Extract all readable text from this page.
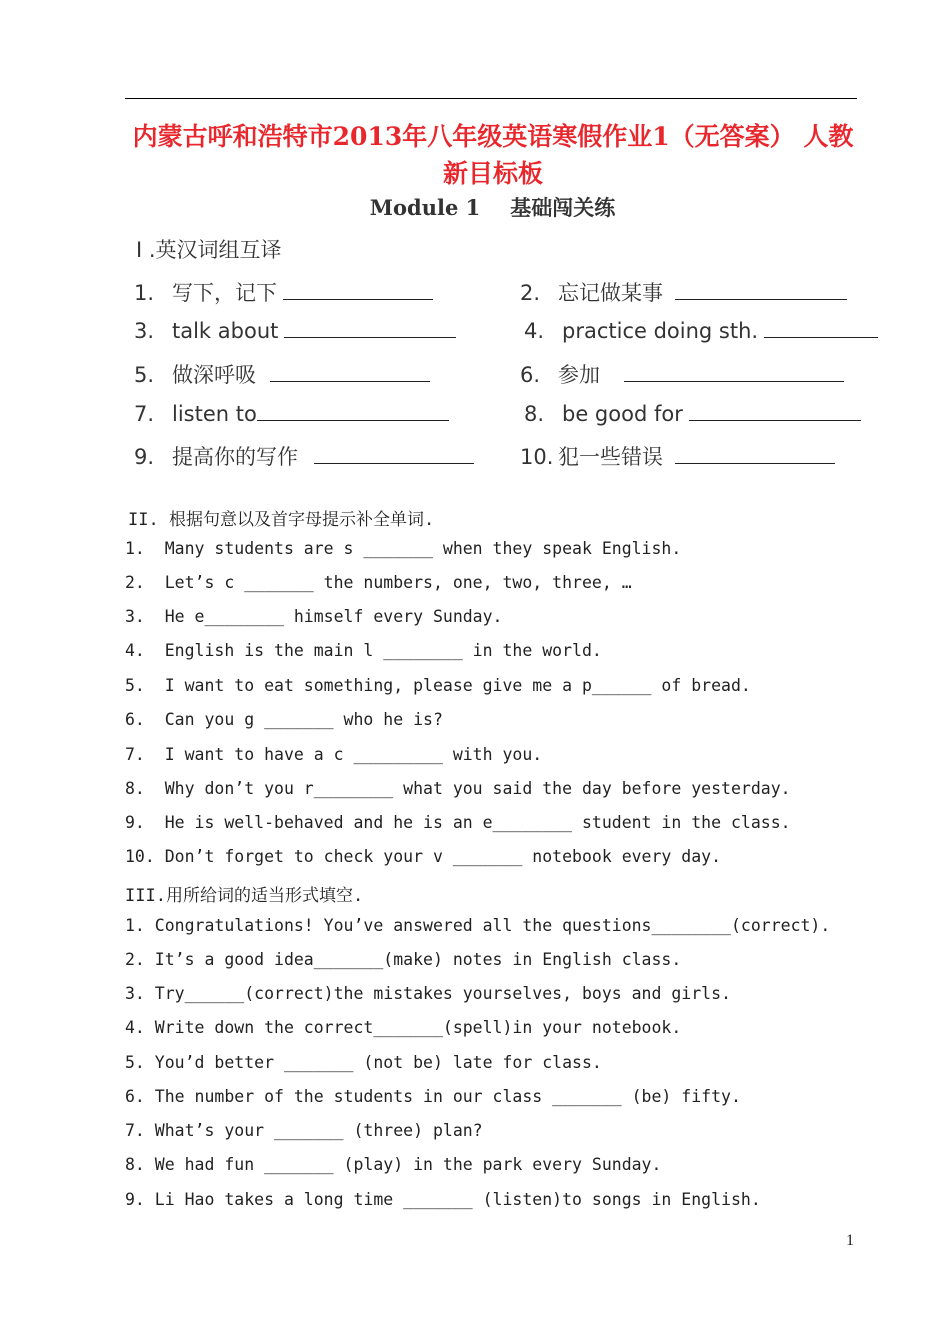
内蒙古呼和浩特市2013年八年级英语寒假作业1（无答案） 人教
新目标板
Module 1 基础闯关练
I .英汉词组互译
1. 写下，记下	2. 忘记做某事
3. talk about	4. practice doing sth.
5. 做深呼吸	6. 参加
7. listen to	8. be good for
9. 提高你的写作	10. 犯一些错误
II. 根据句意以及首字母提示补全单词.
1.  Many students are s _______ when they speak English.
2.  Let’s c _______ the numbers, one, two, three, …
3.  He e________ himself every Sunday.
4.  English is the main l ________ in the world.
5.  I want to eat something, please give me a p______ of bread.
6.  Can you g _______ who he is?
7.  I want to have a c _________ with you.
8.  Why don’t you r________ what you said the day before yesterday.
9.  He is well-behaved and he is an e________ student in the class.
10. Don’t forget to check your v _______ notebook every day.
III.用所给词的适当形式填空.
1. Congratulations! You’ve answered all the questions________(correct).
2. It’s a good idea_______(make) notes in English class.
3. Try______(correct)the mistakes yourselves, boys and girls.
4. Write down the correct_______(spell)in your notebook.
5. You’d better _______ (not be) late for class.
6. The number of the students in our class _______ (be) fifty.
7. What’s your _______ (three) plan?
8. We had fun _______ (play) in the park every Sunday.
9. Li Hao takes a long time _______ (listen)to songs in English.
1
